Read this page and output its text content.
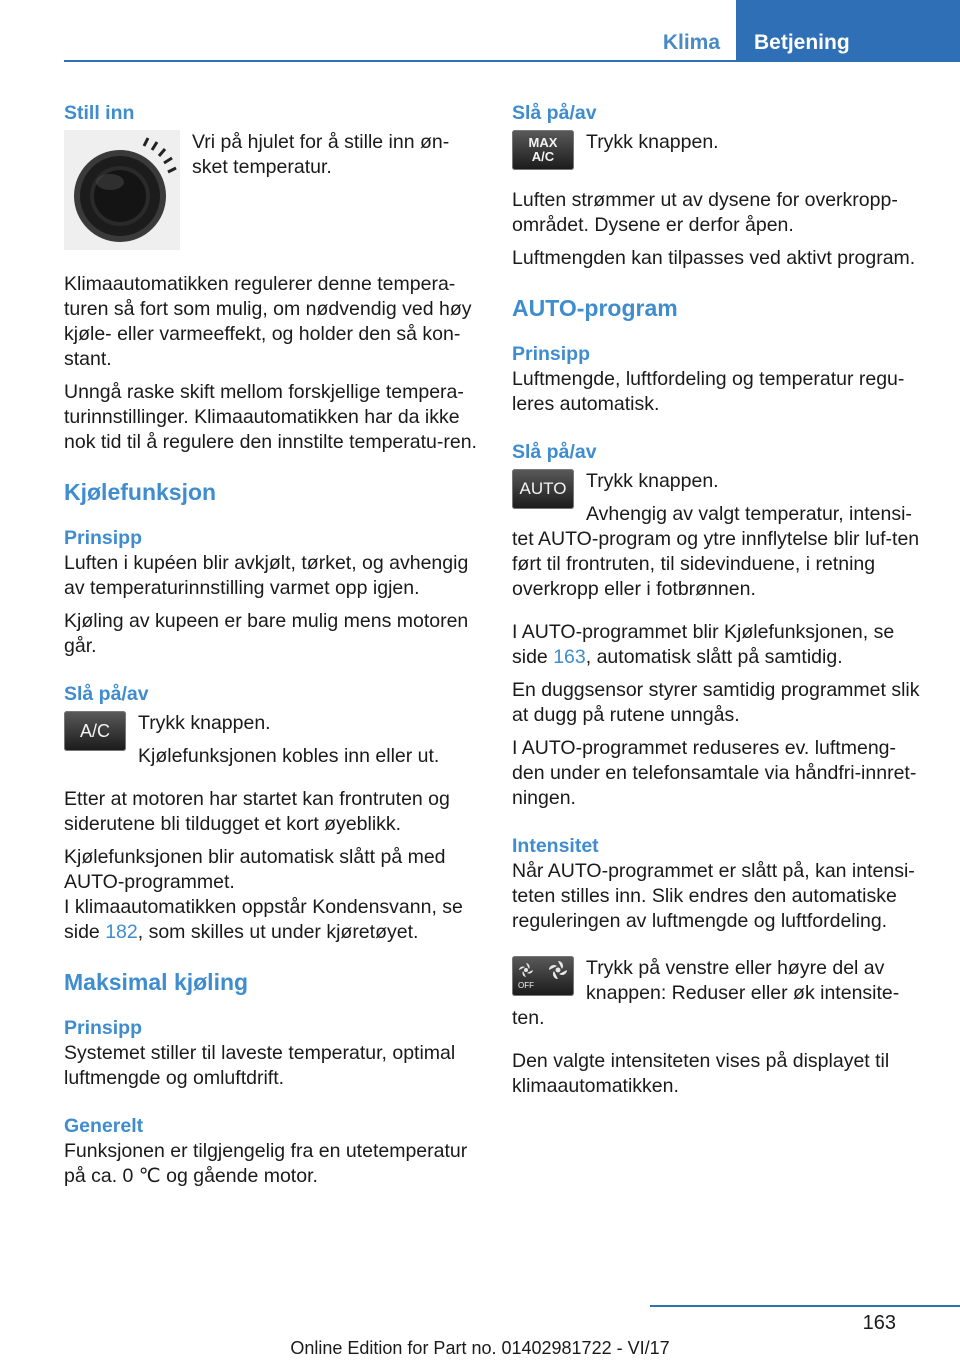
Klima	Betjening
Still inn

Vri på hjulet for å stille inn øn-sket temperatur.

Klimaautomatikken regulerer denne tempera-turen så fort som mulig, om nødvendig ved høy kjøle- eller varmeeffekt, og holder den så kon-stant.

Unngå raske skift mellom forskjellige tempera-turinnstillinger. Klimaautomatikken har da ikke nok tid til å regulere den innstilte temperatu-ren.

Kjølefunksjon
Prinsipp

Luften i kupéen blir avkjølt, tørket, og avhengig av temperaturinnstilling varmet opp igjen.

Kjøling av kupeen er bare mulig mens motoren går.

Slå på/av
A/C Trykk knappen.

Kjølefunksjonen kobles inn eller ut.

Etter at motoren har startet kan frontruten og siderutene bli tildugget et kort øyeblikk.

Kjølefunksjonen blir automatisk slått på med AUTO-programmet.

I klimaautomatikken oppstår Kondensvann, se side 182, som skilles ut under kjøretøyet.

Maksimal kjøling
Prinsipp

Systemet stiller til laveste temperatur, optimal luftmengde og omluftdrift.

Generelt

Funksjonen er tilgjengelig fra en utetemperatur på ca. 0 ℃ og gående motor.

Slå på/av
MAX A/C

Trykk knappen.

Luften strømmer ut av dysene for overkropp-området. Dysene er derfor åpen.

Luftmengden kan tilpasses ved aktivt program.

AUTO-program
Prinsipp

Luftmengde, luftfordeling og temperatur regu-leres automatisk.

Slå på/av
AUTO Trykk knappen.

Avhengig av valgt temperatur, intensi-

tet AUTO-program og ytre innflytelse blir luf-ten ført til frontruten, til sidevinduene, i retning overkropp eller i fotbrønnen.

I AUTO-programmet blir Kjølefunksjonen, se side 163, automatisk slått på samtidig.

En duggsensor styrer samtidig programmet slik at dugg på rutene unngås.

I AUTO-programmet reduseres ev. luftmeng-den under en telefonsamtale via håndfri-innret-ningen.

Intensitet

Når AUTO-programmet er slått på, kan intensi-teten stilles inn. Slik endres den automatiske reguleringen av luftmengde og luftfordeling.

OFF

Trykk på venstre eller høyre del av knappen: Reduser eller øk intensite-

ten.

Den valgte intensiteten vises på displayet til klimaautomatikken.

163
Online Edition for Part no. 01402981722 - VI/17
